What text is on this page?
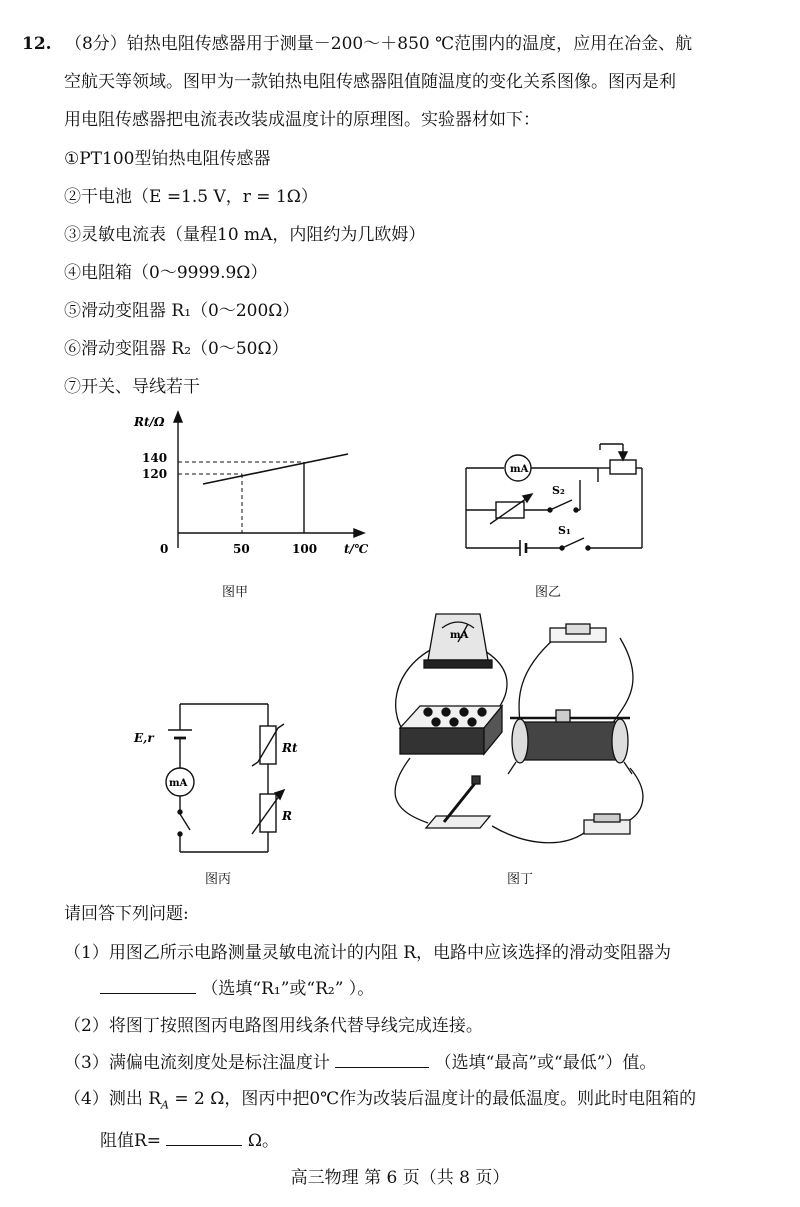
12. （8分）铂热电阻传感器用于测量－200～＋850 ℃范围内的温度，应用在冶金、航
空航天等领域。图甲为一款铂热电阻传感器阻值随温度的变化关系图像。图丙是利
用电阻传感器把电流表改装成温度计的原理图。实验器材如下：
①PT100型铂热电阻传感器
②干电池（E =1.5 V，r = 1Ω）
③灵敏电流表（量程10 mA，内阻约为几欧姆）
④电阻箱（0～9999.9Ω）
⑤滑动变阻器 R₁（0～200Ω）
⑥滑动变阻器 R₂（0～50Ω）
⑦开关、导线若干
Rt/Ω
140
120
0	50	100 t/℃
图甲
mA
S₂
S₁
图乙
E,r
mA
Rt
R
图丙
mA
图丁
请回答下列问题:
（1）用图乙所示电路测量灵敏电流计的内阻 R，电路中应该选择的滑动变阻器为
（选填“R₁”或“R₂” ）。
（2）将图丁按照图丙电路图用线条代替导线完成连接。
（3）满偏电流刻度处是标注温度计	（选填“最高”或“最低”）值。
（4）测出 $R_A = 2$ Ω，图丙中把0℃作为改装后温度计的最低温度。则此时电阻箱的
阻值R=	Ω。
高三物理 第 6 页（共 8 页）
